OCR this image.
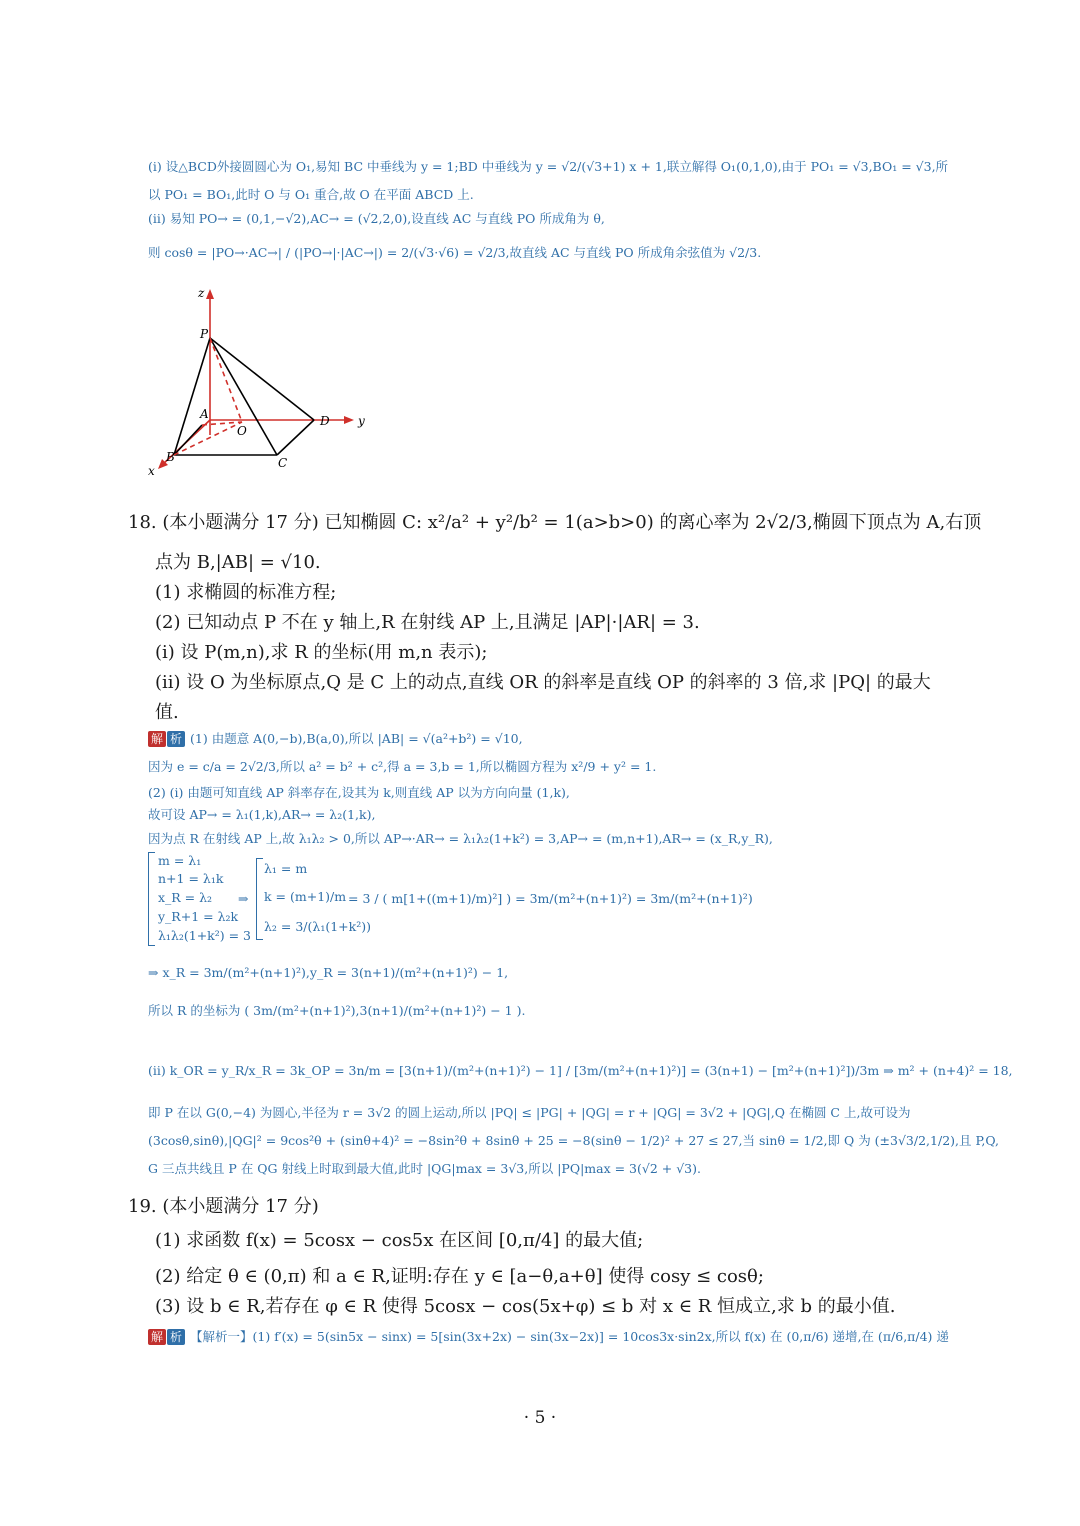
(i) 设△BCD外接圆圆心为 O₁,易知 BC 中垂线为 y = 1;BD 中垂线为 y = √2/(√3+1) x + 1,联立解得 O₁(0,1,0),由于 PO₁ = √3,BO₁ = √3,所
以 PO₁ = BO₁,此时 O 与 O₁ 重合,故 O 在平面 ABCD 上.
(ii) 易知 PO→ = (0,1,−√2),AC→ = (√2,2,0),设直线 AC 与直线 PO 所成角为 θ,
则 cosθ = |PO→·AC→| / (|PO→|·|AC→|) = 2/(√3·√6) = √2/3,故直线 AC 与直线 PO 所成角余弦值为 √2/3.
z
P
A
O
D y
B	C
x
18. (本小题满分 17 分) 已知椭圆 C: x²/a² + y²/b² = 1(a>b>0) 的离心率为 2√2/3,椭圆下顶点为 A,右顶
点为 B,|AB| = √10.
(1) 求椭圆的标准方程;
(2) 已知动点 P 不在 y 轴上,R 在射线 AP 上,且满足 |AP|·|AR| = 3.
(i) 设 P(m,n),求 R 的坐标(用 m,n 表示);
(ii) 设 O 为坐标原点,Q 是 C 上的动点,直线 OR 的斜率是直线 OP 的斜率的 3 倍,求 |PQ| 的最大
值.
解 析 (1) 由题意 A(0,−b),B(a,0),所以 |AB| = √(a²+b²) = √10,
因为 e = c/a = 2√2/3,所以 a² = b² + c²,得 a = 3,b = 1,所以椭圆方程为 x²/9 + y² = 1.
(2) (i) 由题可知直线 AP 斜率存在,设其为 k,则直线 AP 以为方向向量 (1,k),
故可设 AP→ = λ₁(1,k),AR→ = λ₂(1,k),
因为点 R 在射线 AP 上,故 λ₁λ₂ > 0,所以 AP→·AR→ = λ₁λ₂(1+k²) = 3,AP→ = (m,n+1),AR→ = (x_R,y_R),
m = λ₁
n+1 = λ₁k
x_R = λ₂
y_R+1 = λ₂k
λ₁λ₂(1+k²) = 3
⇒
λ₁ = m
k = (m+1)/m
λ₂ = 3/(λ₁(1+k²))
= 3 / ( m[1+((m+1)/m)²] ) = 3m/(m²+(n+1)²) = 3m/(m²+(n+1)²)
⇒ x_R = 3m/(m²+(n+1)²),y_R = 3(n+1)/(m²+(n+1)²) − 1,
所以 R 的坐标为 ( 3m/(m²+(n+1)²),3(n+1)/(m²+(n+1)²) − 1 ).
(ii) k_OR = y_R/x_R = 3k_OP = 3n/m = [3(n+1)/(m²+(n+1)²) − 1] / [3m/(m²+(n+1)²)] = (3(n+1) − [m²+(n+1)²])/3m ⇒ m² + (n+4)² = 18,
即 P 在以 G(0,−4) 为圆心,半径为 r = 3√2 的圆上运动,所以 |PQ| ≤ |PG| + |QG| = r + |QG| = 3√2 + |QG|,Q 在椭圆 C 上,故可设为
(3cosθ,sinθ),|QG|² = 9cos²θ + (sinθ+4)² = −8sin²θ + 8sinθ + 25 = −8(sinθ − 1/2)² + 27 ≤ 27,当 sinθ = 1/2,即 Q 为 (±3√3/2,1/2),且 P,Q,
G 三点共线且 P 在 QG 射线上时取到最大值,此时 |QG|max = 3√3,所以 |PQ|max = 3(√2 + √3).
19. (本小题满分 17 分)
(1) 求函数 f(x) = 5cosx − cos5x 在区间 [0,π/4] 的最大值;
(2) 给定 θ ∈ (0,π) 和 a ∈ R,证明:存在 y ∈ [a−θ,a+θ] 使得 cosy ≤ cosθ;
(3) 设 b ∈ R,若存在 φ ∈ R 使得 5cosx − cos(5x+φ) ≤ b 对 x ∈ R 恒成立,求 b 的最小值.
解 析 【解析一】(1) f′(x) = 5(sin5x − sinx) = 5[sin(3x+2x) − sin(3x−2x)] = 10cos3x·sin2x,所以 f(x) 在 (0,π/6) 递增,在 (π/6,π/4) 递
· 5 ·
